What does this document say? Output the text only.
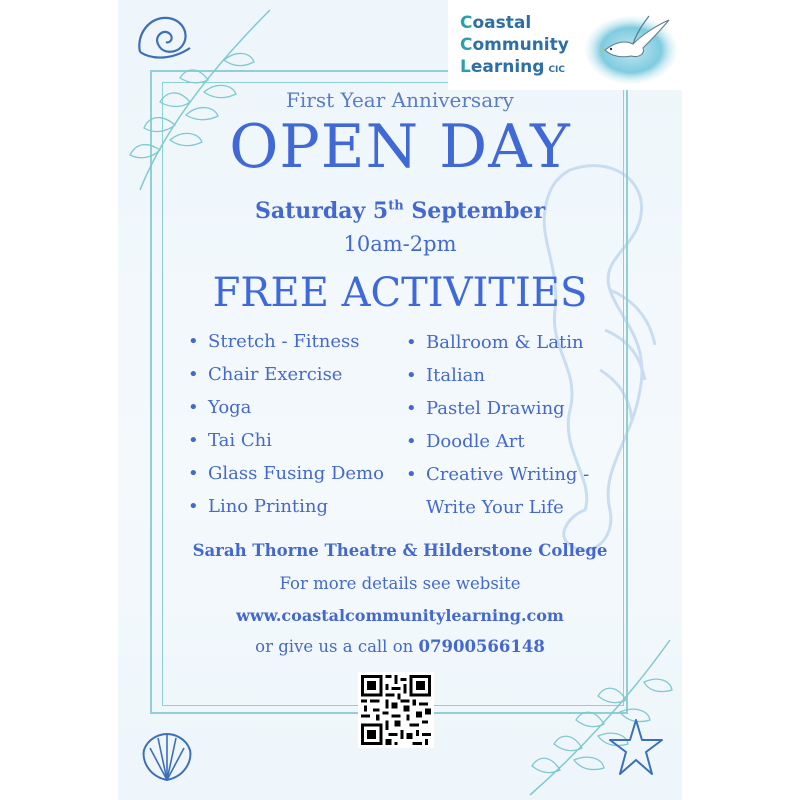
Coastal
Community
Learning CIC
First Year Anniversary
OPEN DAY
Saturday 5th September
10am-2pm
FREE ACTIVITIES
• Stretch - Fitness
• Chair Exercise
• Yoga
• Tai Chi
• Glass Fusing Demo
• Lino Printing
• Ballroom & Latin
• Italian
• Pastel Drawing
• Doodle Art
• Creative Writing -
Write Your Life
Sarah Thorne Theatre & Hilderstone College
For more details see website
www.coastalcommunitylearning.com
or give us a call on 07900566148
